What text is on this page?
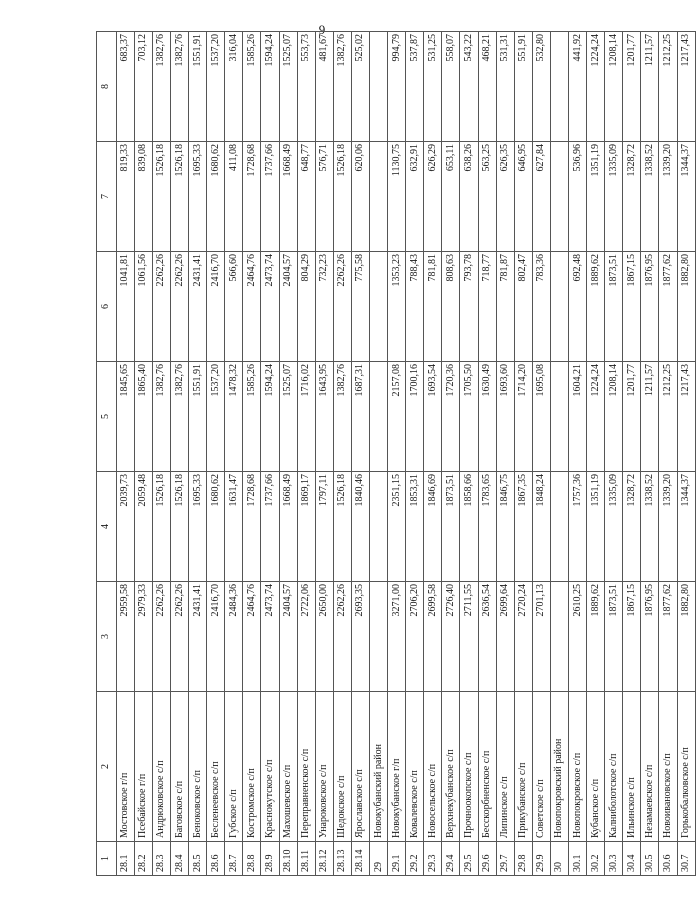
9
1	2	3	4	5	6	7	8
28.1	Мостовское г/п	2959,58	2039,73	1845,65	1041,81	819,33	683,37
28.2	Псебайское г/п	2979,33	2059,48	1865,40	1061,56	839,08	703,12
28.3	Андрюковское с/п	2262,26	1526,18	1382,76	2262,26	1526,18	1382,76
28.4	Баговское с/п	2262,26	1526,18	1382,76	2262,26	1526,18	1382,76
28.5	Беноковское с/п	2431,41	1695,33	1551,91	2431,41	1695,33	1551,91
28.6	Бесленеевское с/п	2416,70	1680,62	1537,20	2416,70	1680,62	1537,20
28.7	Губское с/п	2484,36	1631,47	1478,32	566,60	411,08	316,04
28.8	Костромское с/п	2464,76	1728,68	1585,26	2464,76	1728,68	1585,26
28.9	Краснокутское с/п	2473,74	1737,66	1594,24	2473,74	1737,66	1594,24
28.10	Махошевское с/п	2404,57	1668,49	1525,07	2404,57	1668,49	1525,07
28.11	Переправненское с/п	2722,06	1869,17	1716,02	804,29	648,77	553,73
28.12	Унароковское с/п	2650,00	1797,11	1643,95	732,23	576,71	481,67
28.13	Шедокское с/п	2262,26	1526,18	1382,76	2262,26	1526,18	1382,76
28.14	Ярославское с/п	2693,35	1840,46	1687,31	775,58	620,06	525,02
29	Новокубанский район						
29.1	Новокубанское г/п	3271,00	2351,15	2157,08	1353,23	1130,75	994,79
29.2	Ковалевское с/п	2706,20	1853,31	1700,16	788,43	632,91	537,87
29.3	Новосельское с/п	2699,58	1846,69	1693,54	781,81	626,29	531,25
29.4	Верхнекубанское с/п	2726,40	1873,51	1720,36	808,63	653,11	558,07
29.5	Прочноокопское с/п	2711,55	1858,66	1705,50	793,78	638,26	543,22
29.6	Бесскорбненское с/п	2636,54	1783,65	1630,49	718,77	563,25	468,21
29.7	Липинское с/п	2699,64	1846,75	1693,60	781,87	626,35	531,31
29.8	Прикубанское с/п	2720,24	1867,35	1714,20	802,47	646,95	551,91
29.9	Советское с/п	2701,13	1848,24	1695,08	783,36	627,84	532,80
30	Новопокровский район						
30.1	Новопокровское с/п	2610,25	1757,36	1604,21	692,48	536,96	441,92
30.2	Кубанское с/п	1889,62	1351,19	1224,24	1889,62	1351,19	1224,24
30.3	Калниболотское с/п	1873,51	1335,09	1208,14	1873,51	1335,09	1208,14
30.4	Ильинское с/п	1867,15	1328,72	1201,77	1867,15	1328,72	1201,77
30.5	Незамаевское с/п	1876,95	1338,52	1211,57	1876,95	1338,52	1211,57
30.6	Новоивановское с/п	1877,62	1339,20	1212,25	1877,62	1339,20	1212,25
30.7	Горькобалковское с/п	1882,80	1344,37	1217,43	1882,80	1344,37	1217,43
